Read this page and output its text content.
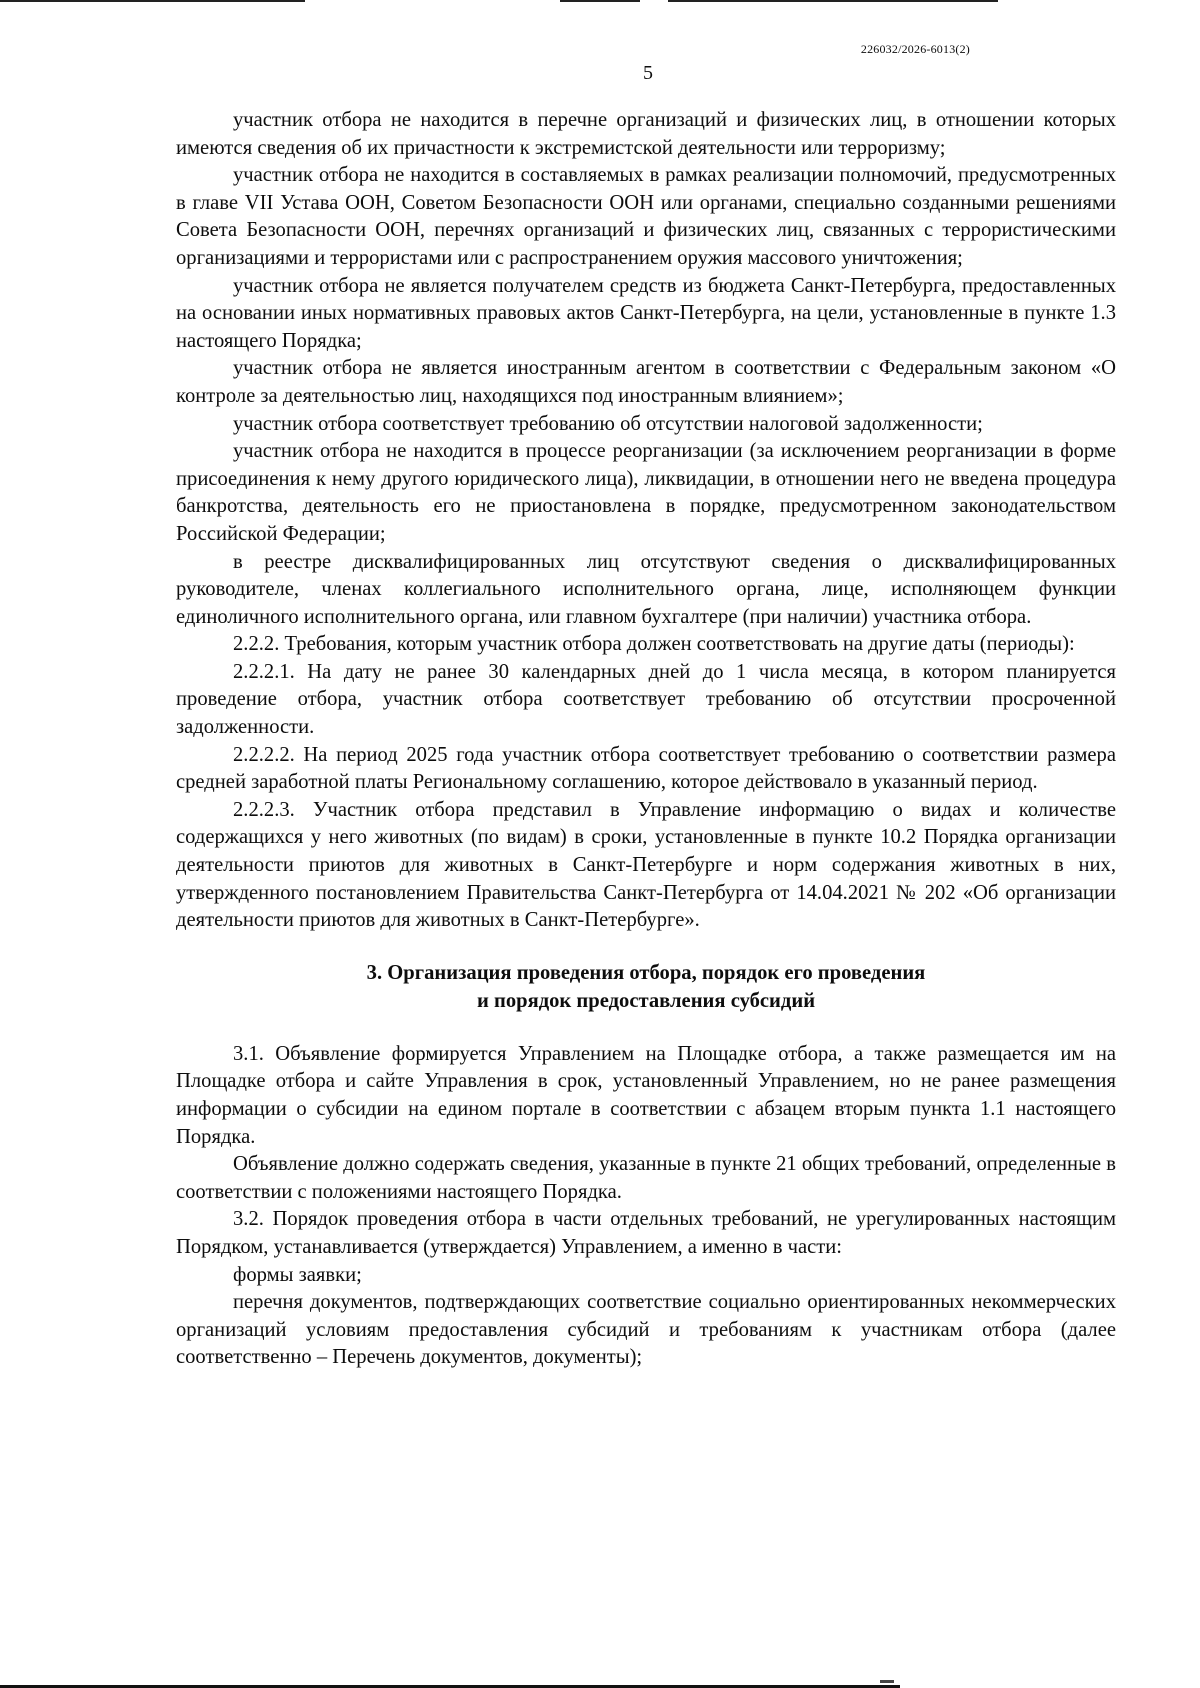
226032/2026-6013(2)
5

участник отбора не находится в перечне организаций и физических лиц, в отношении которых имеются сведения об их причастности к экстремистской деятельности или терроризму;

участник отбора не находится в составляемых в рамках реализации полномочий, предусмотренных в главе VII Устава ООН, Советом Безопасности ООН или органами, специально созданными решениями Совета Безопасности ООН, перечнях организаций и физических лиц, связанных с террористическими организациями и террористами или с распространением оружия массового уничтожения;

участник отбора не является получателем средств из бюджета Санкт-Петербурга, предоставленных на основании иных нормативных правовых актов Санкт-Петербурга, на цели, установленные в пункте 1.3 настоящего Порядка;

участник отбора не является иностранным агентом в соответствии с Федеральным законом «О контроле за деятельностью лиц, находящихся под иностранным влиянием»;

участник отбора соответствует требованию об отсутствии налоговой задолженности;

участник отбора не находится в процессе реорганизации (за исключением реорганизации в форме присоединения к нему другого юридического лица), ликвидации, в отношении него не введена процедура банкротства, деятельность его не приостановлена в порядке, предусмотренном законодательством Российской Федерации;

в реестре дисквалифицированных лиц отсутствуют сведения о дисквалифицированных руководителе, членах коллегиального исполнительного органа, лице, исполняющем функции единоличного исполнительного органа, или главном бухгалтере (при наличии) участника отбора.

2.2.2. Требования, которым участник отбора должен соответствовать на другие даты (периоды):

2.2.2.1. На дату не ранее 30 календарных дней до 1 числа месяца, в котором планируется проведение отбора, участник отбора соответствует требованию об отсутствии просроченной задолженности.

2.2.2.2. На период 2025 года участник отбора соответствует требованию о соответствии размера средней заработной платы Региональному соглашению, которое действовало в указанный период.

2.2.2.3. Участник отбора представил в Управление информацию о видах и количестве содержащихся у него животных (по видам) в сроки, установленные в пункте 10.2 Порядка организации деятельности приютов для животных в Санкт-Петербурге и норм содержания животных в них, утвержденного постановлением Правительства Санкт-Петербурга от 14.04.2021 № 202 «Об организации деятельности приютов для животных в Санкт-Петербурге».

3. Организация проведения отбора, порядок его проведения
и порядок предоставления субсидий

3.1. Объявление формируется Управлением на Площадке отбора, а также размещается им на Площадке отбора и сайте Управления в срок, установленный Управлением, но не ранее размещения информации о субсидии на едином портале в соответствии с абзацем вторым пункта 1.1 настоящего Порядка.

Объявление должно содержать сведения, указанные в пункте 21 общих требований, определенные в соответствии с положениями настоящего Порядка.

3.2. Порядок проведения отбора в части отдельных требований, не урегулированных настоящим Порядком, устанавливается (утверждается) Управлением, а именно в части:

формы заявки;

перечня документов, подтверждающих соответствие социально ориентированных некоммерческих организаций условиям предоставления субсидий и требованиям к участникам отбора (далее соответственно – Перечень документов, документы);
